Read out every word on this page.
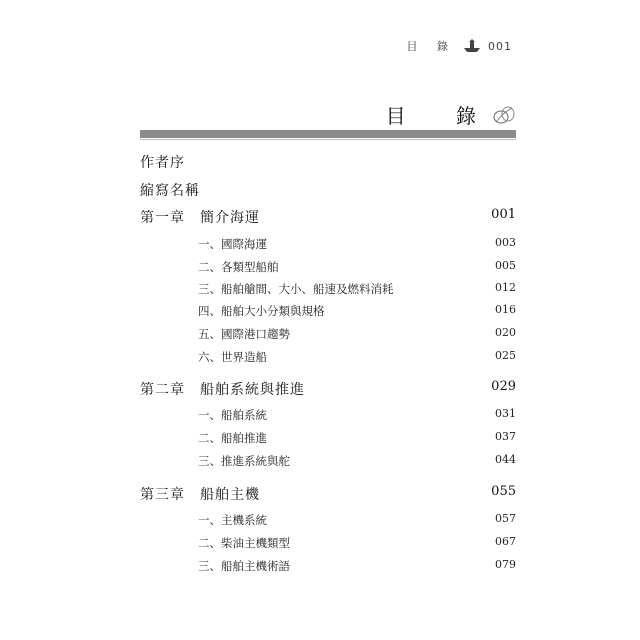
目 錄	001
目 錄
作者序
縮寫名稱
第一章 簡介海運	001
一、國際海運	003
二、各類型船舶	005
三、船舶艙間、大小、船速及燃料消耗	012
四、船舶大小分類與規格	016
五、國際港口趨勢	020
六、世界造船	025
第二章 船舶系統與推進	029
一、船舶系統	031
二、船舶推進	037
三、推進系統與舵	044
第三章 船舶主機	055
一、主機系統	057
二、柴油主機類型	067
三、船舶主機術語	079
